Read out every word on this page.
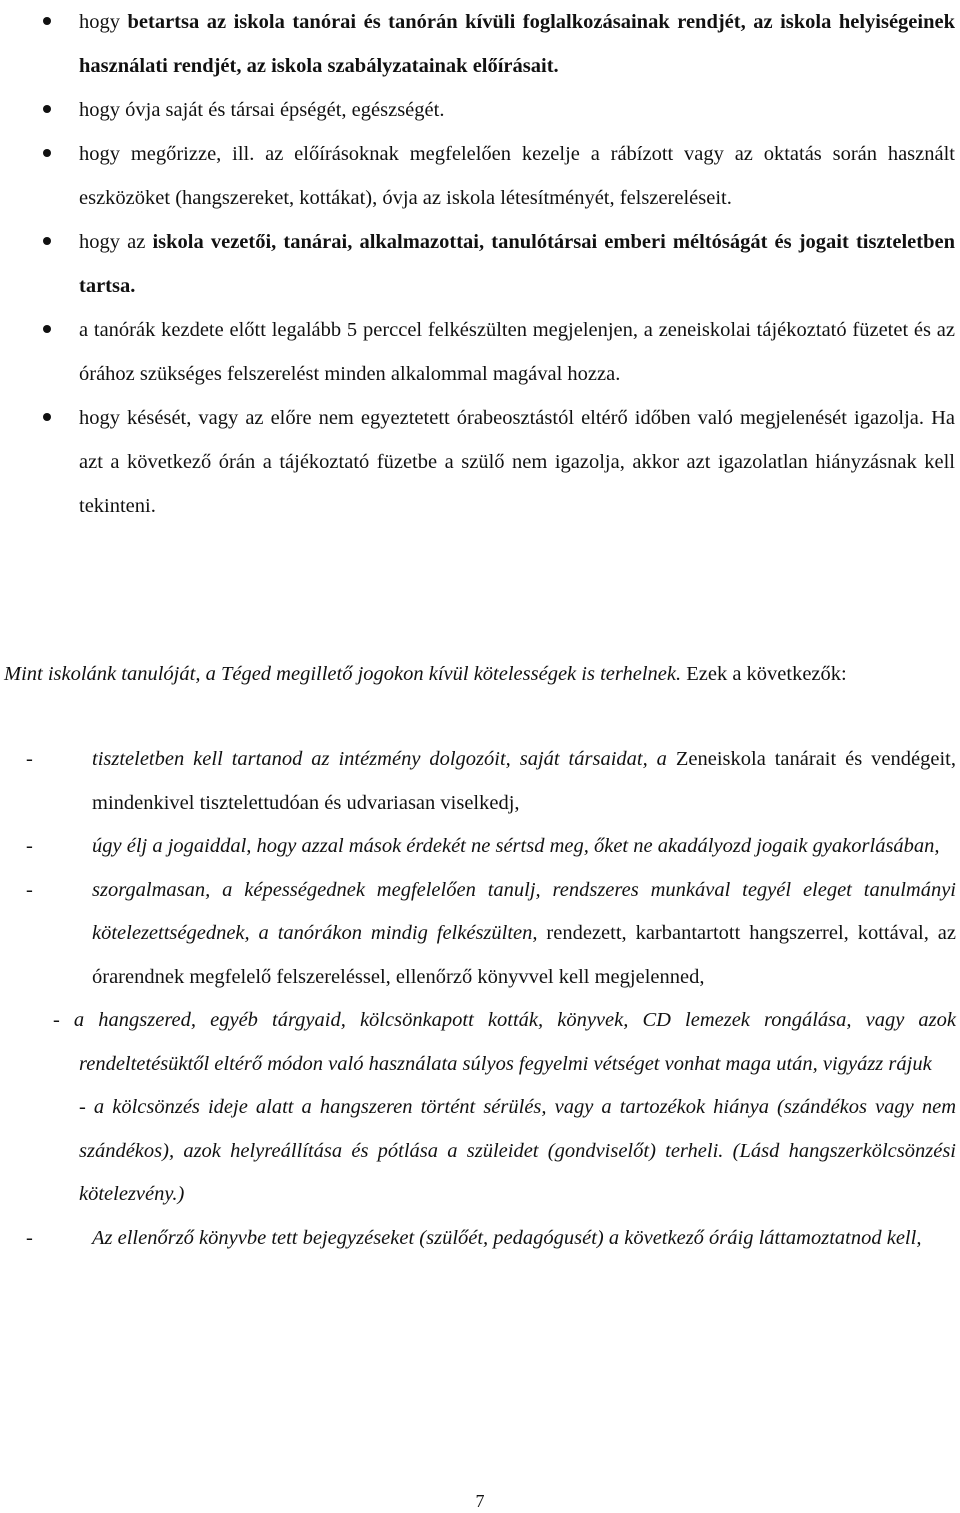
hogy betartsa az iskola tanórai és tanórán kívüli foglalkozásainak rendjét, az iskola helyiségeinek használati rendjét, az iskola szabályzatainak előírásait.
hogy óvja saját és társai épségét, egészségét.
hogy megőrizze, ill. az előírásoknak megfelelően kezelje a rábízott vagy az oktatás során használt eszközöket (hangszereket, kottákat), óvja az iskola létesítményét, felszereléseit.
hogy az iskola vezetői, tanárai, alkalmazottai, tanulótársai emberi méltóságát és jogait tiszteletben tartsa.
a tanórák kezdete előtt legalább 5 perccel felkészülten megjelenjen, a zeneiskolai tájékoztató füzetet és az órához szükséges felszerelést minden alkalommal magával hozza.
hogy késését, vagy az előre nem egyeztetett órabeosztástól eltérő időben való megjelenését igazolja. Ha azt a következő órán a tájékoztató füzetbe a szülő nem igazolja, akkor azt igazolatlan hiányzásnak kell tekinteni.

Mint iskolánk tanulóját, a Téged megillető jogokon kívül kötelességek is terhelnek. Ezek a következők:

-	tiszteletben kell tartanod az intézmény dolgozóit, saját társaidat, a Zeneiskola tanárait és vendégeit, mindenkivel tisztelettudóan és udvariasan viselkedj,
-	úgy élj a jogaiddal, hogy azzal mások érdekét ne sértsd meg, őket ne akadályozd jogaik gyakorlásában,
-	szorgalmasan, a képességednek megfelelően tanulj, rendszeres munkával tegyél eleget tanulmányi kötelezettségednek, a tanórákon mindig felkészülten, rendezett, karbantartott hangszerrel, kottával, az órarendnek megfelelő felszereléssel, ellenőrző könyvvel kell megjelenned,
- a hangszered, egyéb tárgyaid, kölcsönkapott kották, könyvek, CD lemezek rongálása, vagy azok rendeltetésüktől eltérő módon való használata súlyos fegyelmi vétséget vonhat maga után, vigyázz rájuk
- a kölcsönzés ideje alatt a hangszeren történt sérülés, vagy a tartozékok hiánya (szándékos vagy nem szándékos), azok helyreállítása és pótlása a szüleidet (gondviselőt) terheli. (Lásd hangszerkölcsönzési kötelezvény.)
-	Az ellenőrző könyvbe tett bejegyzéseket (szülőét, pedagógusét) a következő óráig láttamoztatnod kell,
7
